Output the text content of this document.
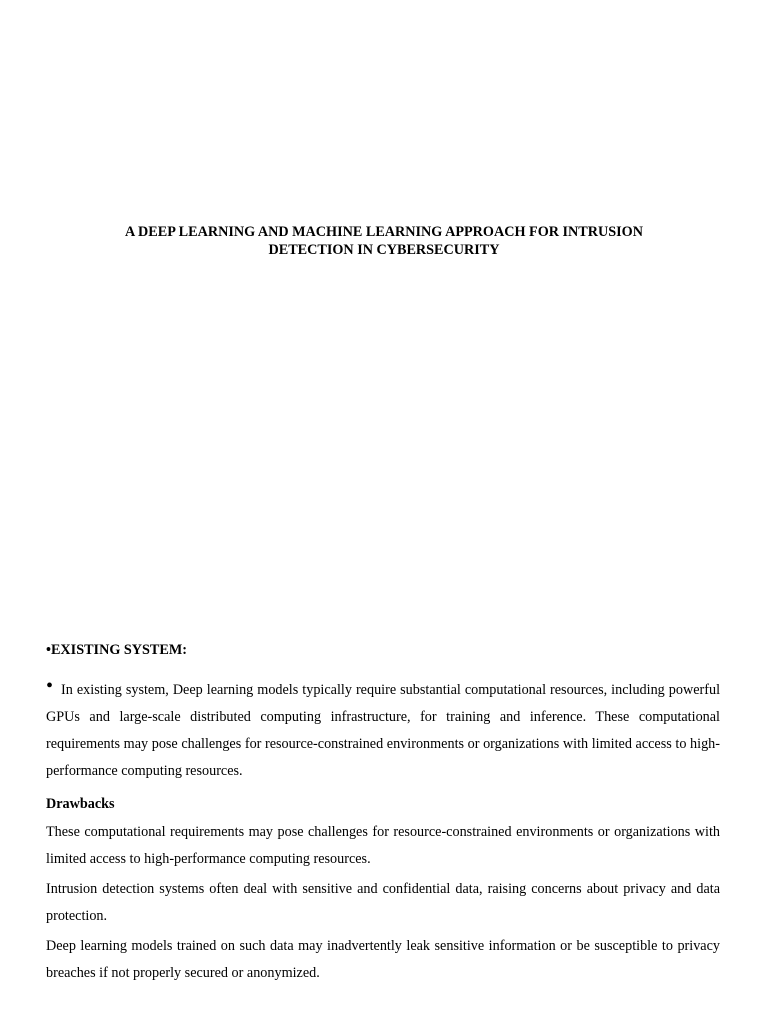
A DEEP LEARNING AND MACHINE LEARNING APPROACH FOR INTRUSION DETECTION IN CYBERSECURITY
•EXISTING SYSTEM:

• In existing system, Deep learning models typically require substantial computational resources, including powerful GPUs and large-scale distributed computing infrastructure, for training and inference. These computational requirements may pose challenges for resource-constrained environments or organizations with limited access to high-performance computing resources.

Drawbacks

These computational requirements may pose challenges for resource-constrained environments or organizations with limited access to high-performance computing resources.

Intrusion detection systems often deal with sensitive and confidential data, raising concerns about privacy and data protection.

Deep learning models trained on such data may inadvertently leak sensitive information or be susceptible to privacy breaches if not properly secured or anonymized.
